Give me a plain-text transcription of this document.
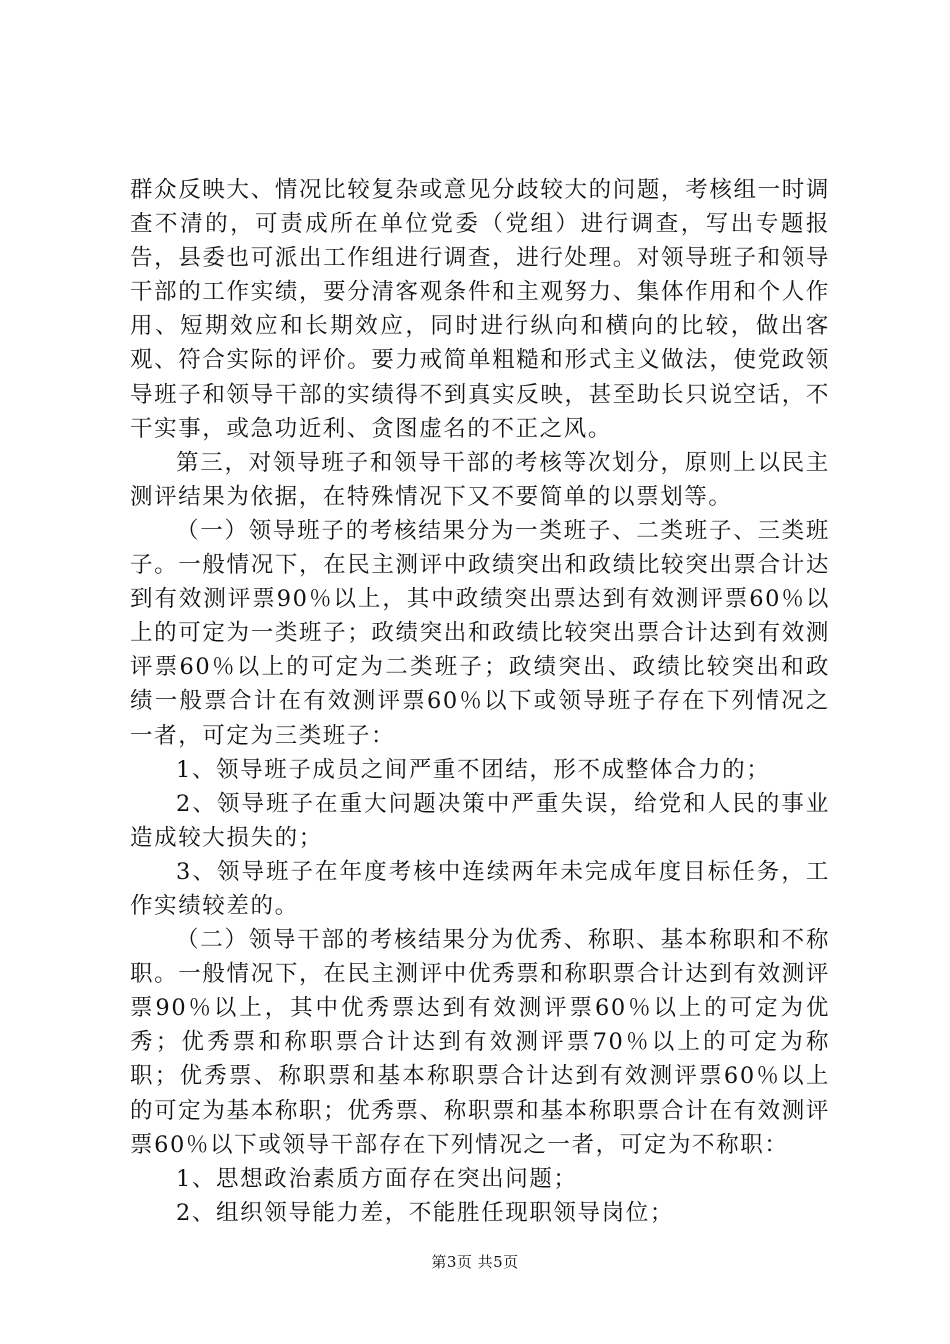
群众反映大、情况比较复杂或意见分歧较大的问题，考核组一时调查不清的，可责成所在单位党委（党组）进行调查，写出专题报告，县委也可派出工作组进行调查，进行处理。对领导班子和领导干部的工作实绩，要分清客观条件和主观努力、集体作用和个人作用、短期效应和长期效应，同时进行纵向和横向的比较，做出客观、符合实际的评价。要力戒简单粗糙和形式主义做法，使党政领导班子和领导干部的实绩得不到真实反映，甚至助长只说空话，不干实事，或急功近利、贪图虚名的不正之风。

第三，对领导班子和领导干部的考核等次划分，原则上以民主测评结果为依据，在特殊情况下又不要简单的以票划等。

（一）领导班子的考核结果分为一类班子、二类班子、三类班子。一般情况下，在民主测评中政绩突出和政绩比较突出票合计达到有效测评票90％以上，其中政绩突出票达到有效测评票60％以上的可定为一类班子；政绩突出和政绩比较突出票合计达到有效测评票60％以上的可定为二类班子；政绩突出、政绩比较突出和政绩一般票合计在有效测评票60％以下或领导班子存在下列情况之一者，可定为三类班子：

1、领导班子成员之间严重不团结，形不成整体合力的；

2、领导班子在重大问题决策中严重失误，给党和人民的事业造成较大损失的；

3、领导班子在年度考核中连续两年未完成年度目标任务，工作实绩较差的。

（二）领导干部的考核结果分为优秀、称职、基本称职和不称职。一般情况下，在民主测评中优秀票和称职票合计达到有效测评票90％以上，其中优秀票达到有效测评票60％以上的可定为优秀；优秀票和称职票合计达到有效测评票70％以上的可定为称职；优秀票、称职票和基本称职票合计达到有效测评票60％以上的可定为基本称职；优秀票、称职票和基本称职票合计在有效测评票60％以下或领导干部存在下列情况之一者，可定为不称职：

1、思想政治素质方面存在突出问题；

2、组织领导能力差，不能胜任现职领导岗位；

第3页 共5页
